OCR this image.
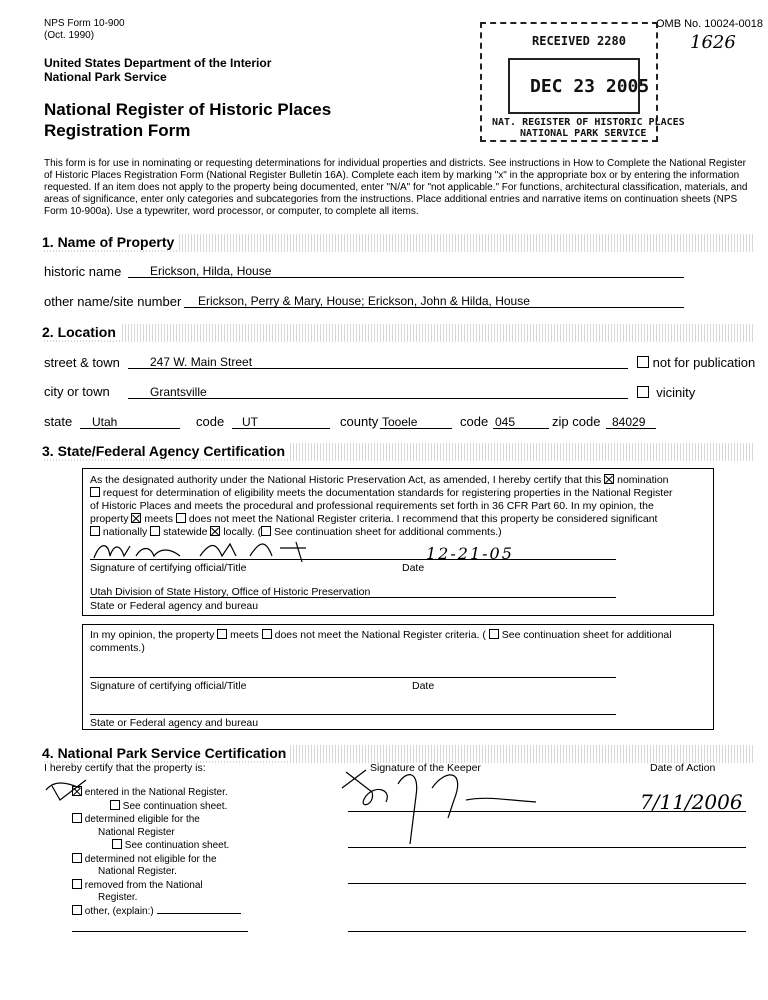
NPS Form 10-900
(Oct. 1990)
United States Department of the Interior
National Park Service
National Register of Historic Places
Registration Form
OMB No. 10024-0018
1626
RECEIVED 2280
DEC 23 2005
NAT. REGISTER OF HISTORIC PLACES
NATIONAL PARK SERVICE
This form is for use in nominating or requesting determinations for individual properties and districts. See instructions in How to Complete the National Register of Historic Places Registration Form (National Register Bulletin 16A). Complete each item by marking "x" in the appropriate box or by entering the information requested. If an item does not apply to the property being documented, enter "N/A" for "not applicable." For functions, architectural classification, materials, and areas of significance, enter only categories and subcategories from the instructions. Place additional entries and narrative items on continuation sheets (NPS Form 10-900a). Use a typewriter, word processor, or computer, to complete all items.
1. Name of Property
historic name Erickson, Hilda, House
other name/site number Erickson, Perry & Mary, House; Erickson, John & Hilda, House
2. Location
street & town	247 W. Main Street	not for publication
city or town	Grantsville	vicinity
state Utah	code UT	county Tooele	code 045	zip code 84029
3. State/Federal Agency Certification
As the designated authority under the National Historic Preservation Act, as amended, I hereby certify that this nomination
request for determination of eligibility meets the documentation standards for registering properties in the National Register
of Historic Places and meets the procedural and professional requirements set forth in 36 CFR Part 60. In my opinion, the
property meets does not meet the National Register criteria. I recommend that this property be considered significant
nationally statewide locally. ( See continuation sheet for additional comments.)
12-21-05
Signature of certifying official/Title	Date
Utah Division of State History, Office of Historic Preservation
State or Federal agency and bureau
In my opinion, the property meets does not meet the National Register criteria. ( See continuation sheet for additional
comments.)
Signature of certifying official/Title	Date
State or Federal agency and bureau
4. National Park Service Certification
I hereby certify that the property is:	Signature of the Keeper	Date of Action
entered in the National Register.
See continuation sheet.
determined eligible for the
National Register
See continuation sheet.
determined not eligible for the
National Register.
removed from the National
Register.
other, (explain:)
7/11/2006
